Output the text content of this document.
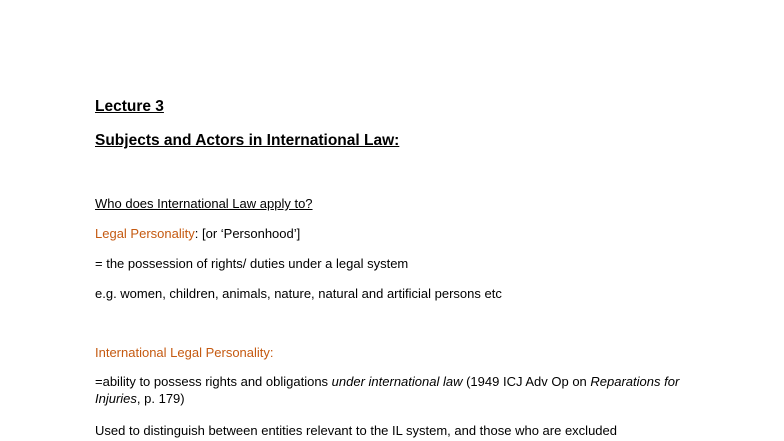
Lecture 3
Subjects and Actors in International Law:
Who does International Law apply to?
Legal Personality: [or ‘Personhood’]
= the possession of rights/ duties under a legal system
e.g. women, children, animals, nature, natural and artificial persons etc
International Legal Personality:
=ability to possess rights and obligations under international law (1949 ICJ Adv Op on Reparations for Injuries, p. 179)
Used to distinguish between entities relevant to the IL system, and those who are excluded
